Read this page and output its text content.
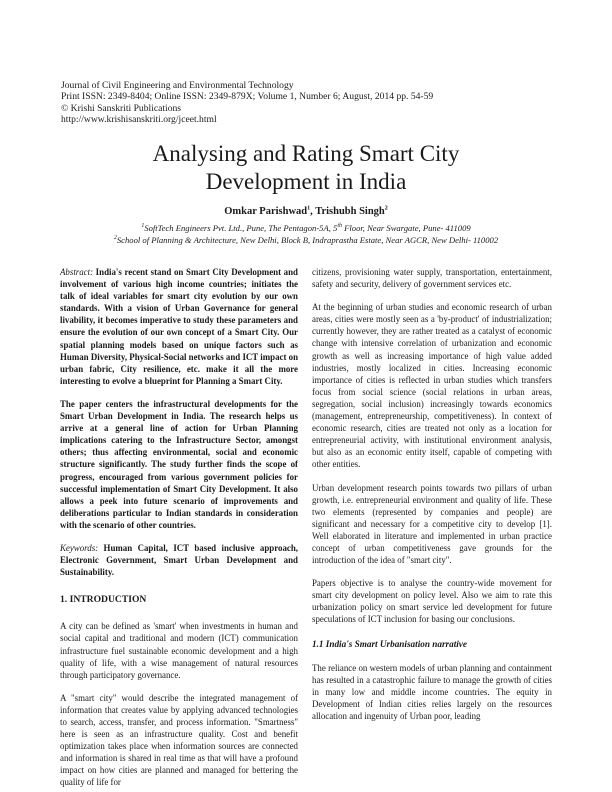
Journal of Civil Engineering and Environmental Technology
Print ISSN: 2349-8404; Online ISSN: 2349-879X; Volume 1, Number 6; August, 2014 pp. 54-59
© Krishi Sanskriti Publications
http://www.krishisanskriti.org/jceet.html
Analysing and Rating Smart City
Development in India
Omkar Parishwad$^1$, Trishubh Singh$^2$
$^1$SoftTech Engineers Pvt. Ltd., Pune, The Pentagon-5A, 5th Floor, Near Swargate, Pune- 411009
$^2$School of Planning & Architecture, New Delhi, Block B, Indraprastha Estate, Near AGCR, New Delhi- 110002

Abstract: India's recent stand on Smart City Development and involvement of various high income countries; initiates the talk of ideal variables for smart city evolution by our own standards. With a vision of Urban Governance for general livability, it becomes imperative to study these parameters and ensure the evolution of our own concept of a Smart City. Our spatial planning models based on unique factors such as Human Diversity, Physical-Social networks and ICT impact on urban fabric, City resilience, etc. make it all the more interesting to evolve a blueprint for Planning a Smart City.

The paper centers the infrastructural developments for the Smart Urban Development in India. The research helps us arrive at a general line of action for Urban Planning implications catering to the Infrastructure Sector, amongst others; thus affecting environmental, social and economic structure significantly. The study further finds the scope of progress, encouraged from various government policies for successful implementation of Smart City Development. It also allows a peek into future scenario of improvements and deliberations particular to Indian standards in consideration with the scenario of other countries.

Keywords: Human Capital, ICT based inclusive approach, Electronic Government, Smart Urban Development and Sustainability.

1. INTRODUCTION

A city can be defined as 'smart' when investments in human and social capital and traditional and modern (ICT) communication infrastructure fuel sustainable economic development and a high quality of life, with a wise management of natural resources through participatory governance.

A "smart city" would describe the integrated management of information that creates value by applying advanced technologies to search, access, transfer, and process information. "Smartness" here is seen as an infrastructure quality. Cost and benefit optimization takes place when information sources are connected and information is shared in real time as that will have a profound impact on how cities are planned and managed for bettering the quality of life for

citizens, provisioning water supply, transportation, entertainment, safety and security, delivery of government services etc.

At the beginning of urban studies and economic research of urban areas, cities were mostly seen as a 'by-product' of industrialization; currently however, they are rather treated as a catalyst of economic change with intensive correlation of urbanization and economic growth as well as increasing importance of high value added industries, mostly localized in cities. Increasing economic importance of cities is reflected in urban studies which transfers focus from social science (social relations in urban areas, segregation, social inclusion) increasingly towards economics (management, entrepreneurship, competitiveness). In context of economic research, cities are treated not only as a location for entrepreneurial activity, with institutional environment analysis, but also as an economic entity itself, capable of competing with other entities.

Urban development research points towards two pillars of urban growth, i.e. entrepreneurial environment and quality of life. These two elements (represented by companies and people) are significant and necessary for a competitive city to develop [1]. Well elaborated in literature and implemented in urban practice concept of urban competitiveness gave grounds for the introduction of the idea of "smart city".

Papers objective is to analyse the country-wide movement for smart city development on policy level. Also we aim to rate this urbanization policy on smart service led development for future speculations of ICT inclusion for basing our conclusions.

1.1 India's Smart Urbanisation narrative

The reliance on western models of urban planning and containment has resulted in a catastrophic failure to manage the growth of cities in many low and middle income countries. The equity in Development of Indian cities relies largely on the resources allocation and ingenuity of Urban poor, leading
